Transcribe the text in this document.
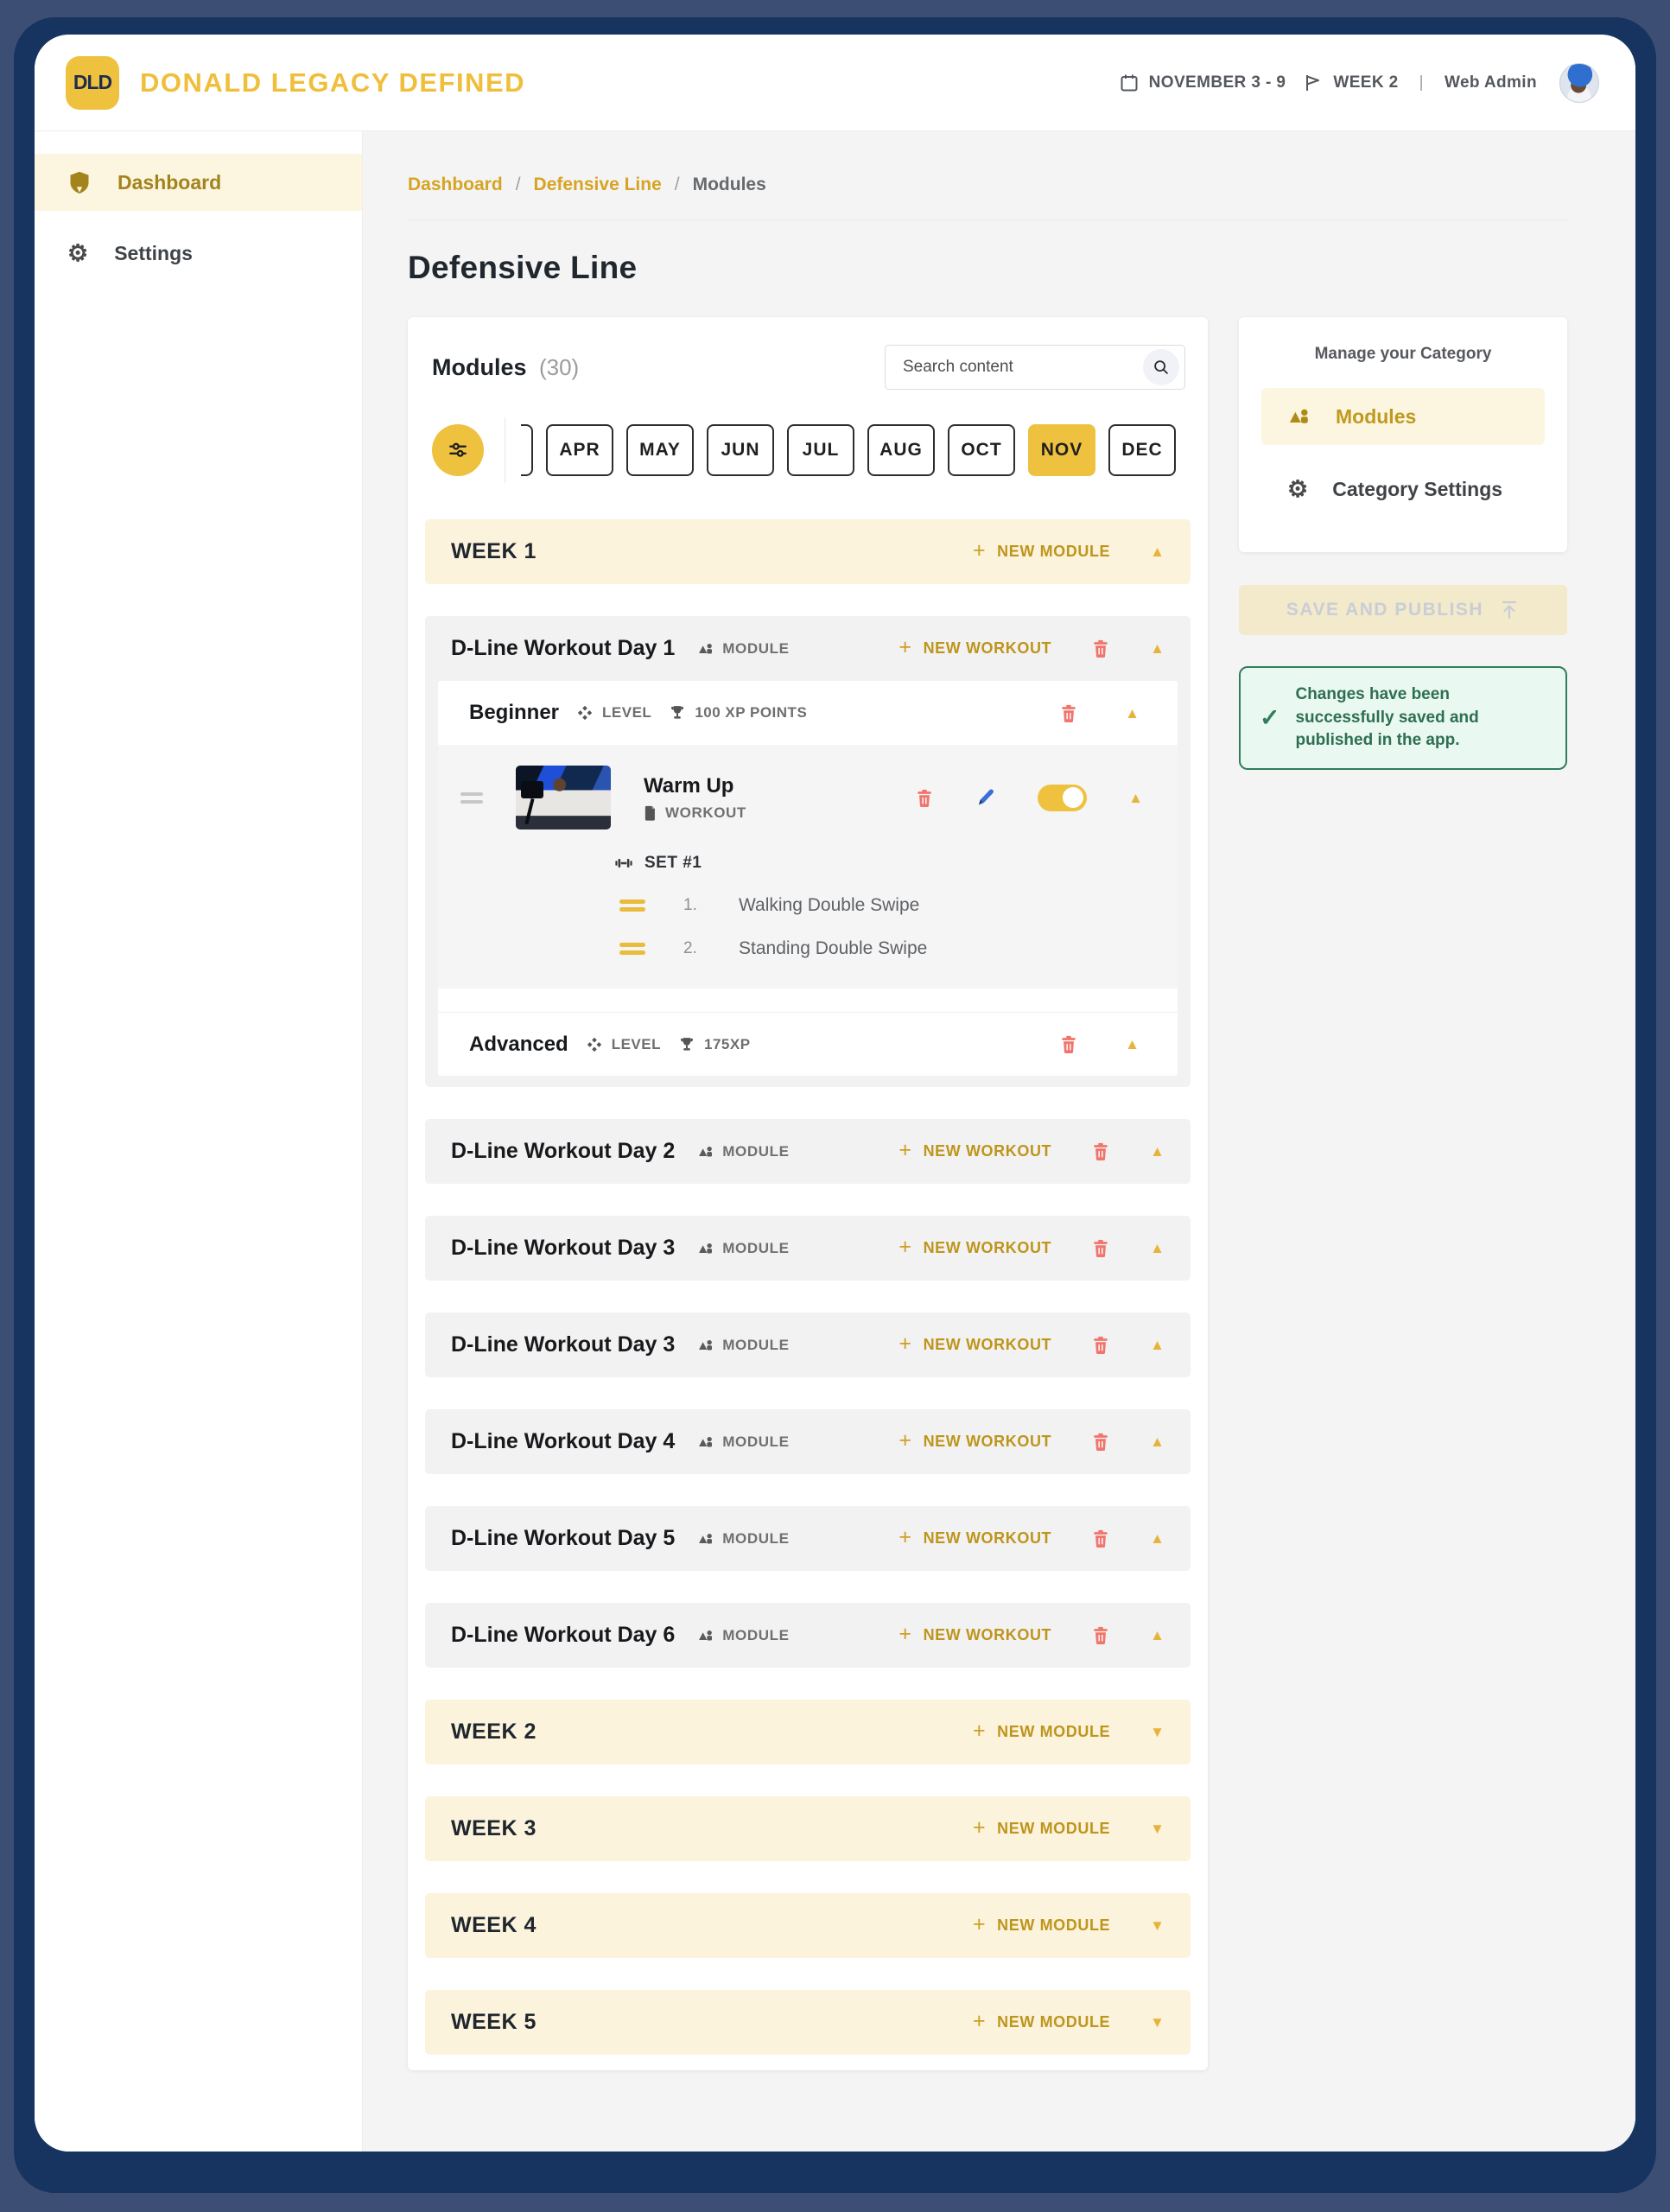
DLD DONALD LEGACY DEFINED	NOVEMBER 3 - 9	WEEK 2 | Web Admin
Dashboard
⚙ Settings
Dashboard / Defensive Line / Modules
Defensive Line
Modules (30)
Search content
APR	MAY	JUN	JUL	AUG	OCT	NOV	DEC
WEEK 1	+ NEW MODULE	▲
D-Line Workout Day 1	MODULE	+ NEW WORKOUT	▲
Beginner	LEVEL	100 XP POINTS	▲
Warm Up
WORKOUT
▲
SET #1
1.	Walking Double Swipe
2.	Standing Double Swipe
Advanced	LEVEL	175XP	▲
D-Line Workout Day 2	MODULE	+ NEW WORKOUT	▲
D-Line Workout Day 3	MODULE	+ NEW WORKOUT	▲
D-Line Workout Day 3	MODULE	+ NEW WORKOUT	▲
D-Line Workout Day 4	MODULE	+ NEW WORKOUT	▲
D-Line Workout Day 5	MODULE	+ NEW WORKOUT	▲
D-Line Workout Day 6	MODULE	+ NEW WORKOUT	▲
WEEK 2	+ NEW MODULE	▼
WEEK 3	+ NEW MODULE	▼
WEEK 4	+ NEW MODULE	▼
WEEK 5	+ NEW MODULE	▼
Manage your Category
Modules
⚙ Category Settings
SAVE AND PUBLISH
✓
Changes have been successfully saved and published in the app.
